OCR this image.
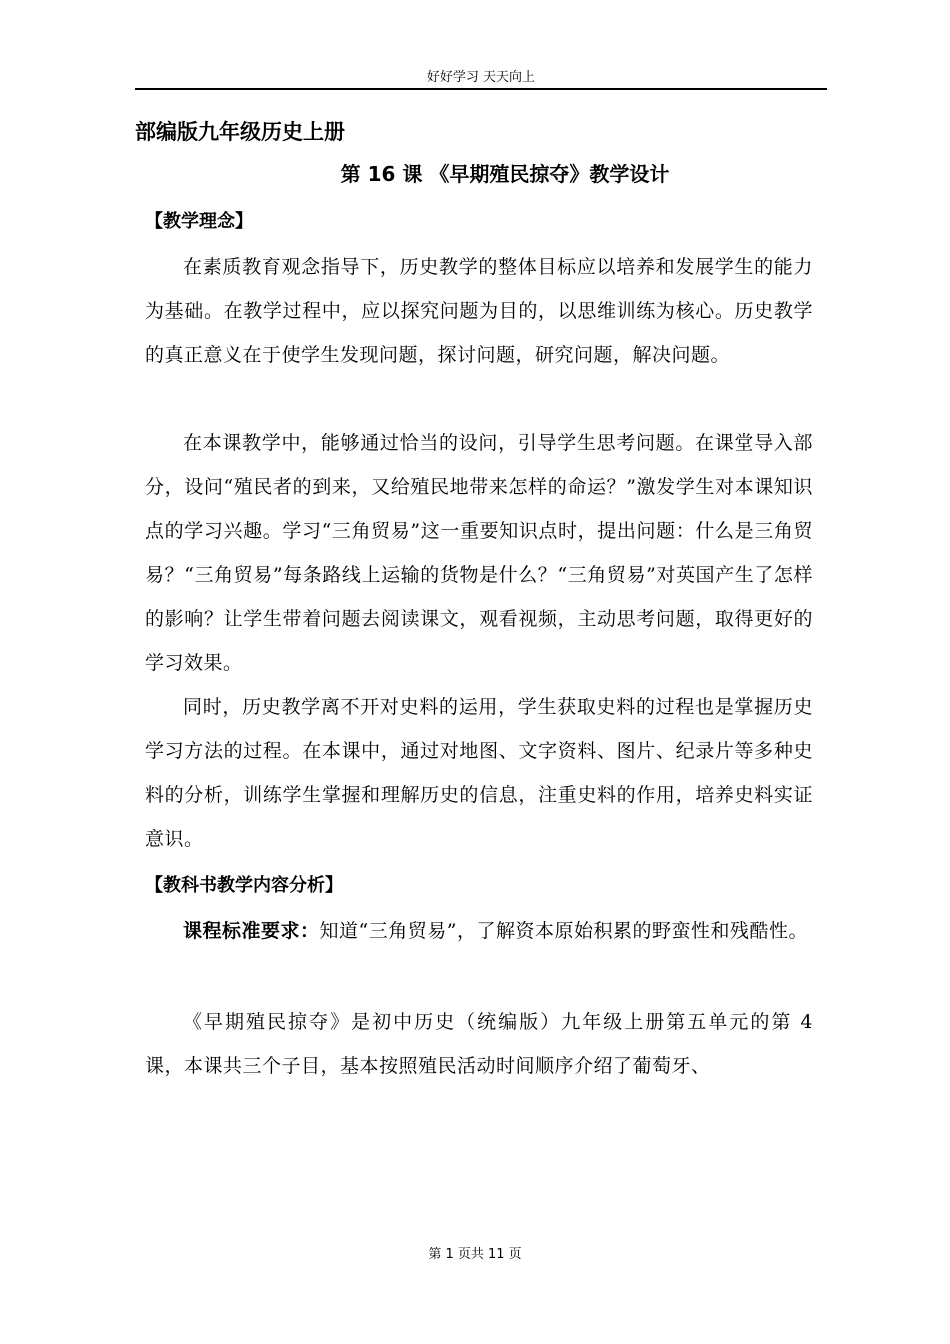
好好学习 天天向上
部编版九年级历史上册
第 16 课 《早期殖民掠夺》教学设计
【教学理念】
在素质教育观念指导下，历史教学的整体目标应以培养和发展学生的能力为基础。在教学过程中，应以探究问题为目的，以思维训练为核心。历史教学的真正意义在于使学生发现问题，探讨问题，研究问题，解决问题。
在本课教学中，能够通过恰当的设问，引导学生思考问题。在课堂导入部分，设问“殖民者的到来，又给殖民地带来怎样的命运？”激发学生对本课知识点的学习兴趣。学习“三角贸易”这一重要知识点时，提出问题：什么是三角贸易？“三角贸易”每条路线上运输的货物是什么？“三角贸易”对英国产生了怎样的影响？让学生带着问题去阅读课文，观看视频，主动思考问题，取得更好的学习效果。
同时，历史教学离不开对史料的运用，学生获取史料的过程也是掌握历史学习方法的过程。在本课中，通过对地图、文字资料、图片、纪录片等多种史料的分析，训练学生掌握和理解历史的信息，注重史料的作用，培养史料实证意识。
【教科书教学内容分析】
课程标准要求：知道“三角贸易”，了解资本原始积累的野蛮性和残酷性。
《早期殖民掠夺》是初中历史（统编版）九年级上册第五单元的第 4 课，本课共三个子目，基本按照殖民活动时间顺序介绍了葡萄牙、
第 1 页共 11 页
